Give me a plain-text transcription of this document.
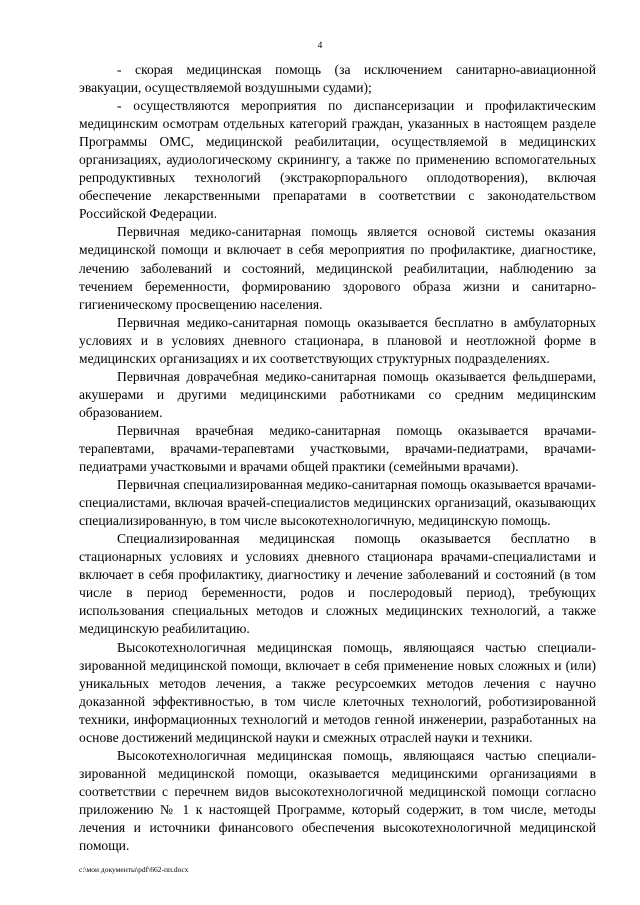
4

- скорая медицинская помощь (за исключением санитарно-авиационной эвакуации, осуществляемой воздушными судами);

- осуществляются мероприятия по диспансеризации и профилактическим медицинским осмотрам отдельных категорий граждан, указанных в настоящем разделе Программы ОМС, медицинской реабилитации, осуществляемой в медицинских организациях, аудиологическому скринингу, а также по применению вспомогательных репродуктивных технологий (экстракорпорального оплодотворения), включая обеспечение лекарственными препаратами в соответствии с законодательством Российской Федерации.

Первичная медико-санитарная помощь является основой системы оказания медицинской помощи и включает в себя мероприятия по профилактике, диагностике, лечению заболеваний и состояний, медицинской реабилитации, наблюдению за течением беременности, формированию здорового образа жизни и санитарно-гигиеническому просвещению населения.

Первичная медико-санитарная помощь оказывается бесплатно в амбулаторных условиях и в условиях дневного стационара, в плановой и неотложной форме в медицинских организациях и их соответствующих структурных подразделениях.

Первичная доврачебная медико-санитарная помощь оказывается фельдшерами, акушерами и другими медицинскими работниками со средним медицинским образованием.

Первичная врачебная медико-санитарная помощь оказывается врачами-терапевтами, врачами-терапевтами участковыми, врачами-педиатрами, врачами-педиатрами участковыми и врачами общей практики (семейными врачами).

Первичная специализированная медико-санитарная помощь оказывается врачами-специалистами, включая врачей-специалистов медицинских организаций, оказывающих специализированную, в том числе высокотехнологичную, медицинскую помощь.

Специализированная медицинская помощь оказывается бесплатно в стационарных условиях и условиях дневного стационара врачами-специалистами и включает в себя профилактику, диагностику и лечение заболеваний и состояний (в том числе в период беременности, родов и послеродовый период), требующих использования специальных методов и сложных медицинских технологий, а также медицинскую реабилитацию.

Высокотехнологичная медицинская помощь, являющаяся частью специализированной медицинской помощи, включает в себя применение новых сложных и (или) уникальных методов лечения, а также ресурсоемких методов лечения с научно доказанной эффективностью, в том числе клеточных технологий, роботизированной техники, информационных технологий и методов генной инженерии, разработанных на основе достижений медицинской науки и смежных отраслей науки и техники.

Высокотехнологичная медицинская помощь, являющаяся частью специализированной медицинской помощи, оказывается медицинскими организациями в соответствии с перечнем видов высокотехнологичной медицинской помощи согласно приложению № 1 к настоящей Программе, который содержит, в том числе, методы лечения и источники финансового обеспечения высокотехнологичной медицинской помощи.

c:\мои документы\pdf\662-пп.docx
